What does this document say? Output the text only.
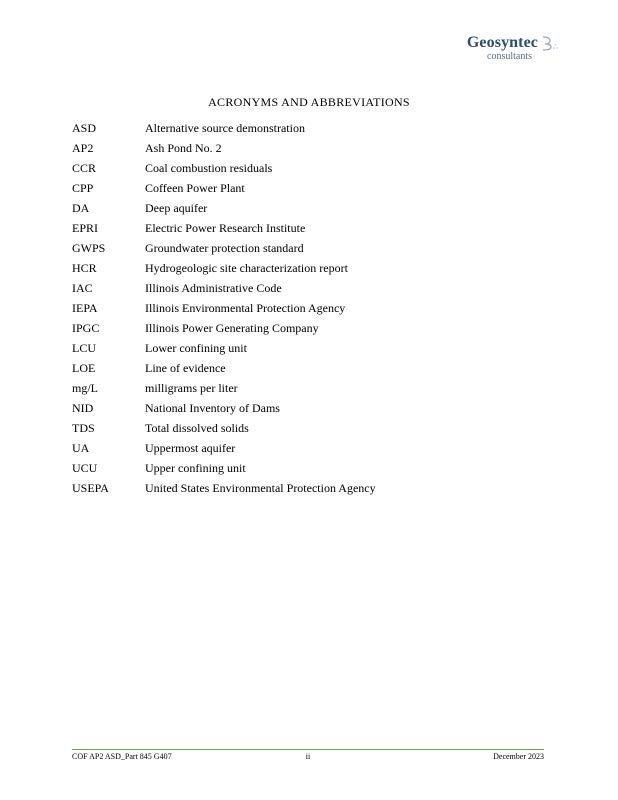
Geosyntec
consultants
ACRONYMS AND ABBREVIATIONS
ASD	Alternative source demonstration
AP2	Ash Pond No. 2
CCR	Coal combustion residuals
CPP	Coffeen Power Plant
DA	Deep aquifer
EPRI	Electric Power Research Institute
GWPS	Groundwater protection standard
HCR	Hydrogeologic site characterization report
IAC	Illinois Administrative Code
IEPA	Illinois Environmental Protection Agency
IPGC	Illinois Power Generating Company
LCU	Lower confining unit
LOE	Line of evidence
mg/L	milligrams per liter
NID	National Inventory of Dams
TDS	Total dissolved solids
UA	Uppermost aquifer
UCU	Upper confining unit
USEPA	United States Environmental Protection Agency
COF AP2 ASD_Part 845 G407	ii	December 2023
